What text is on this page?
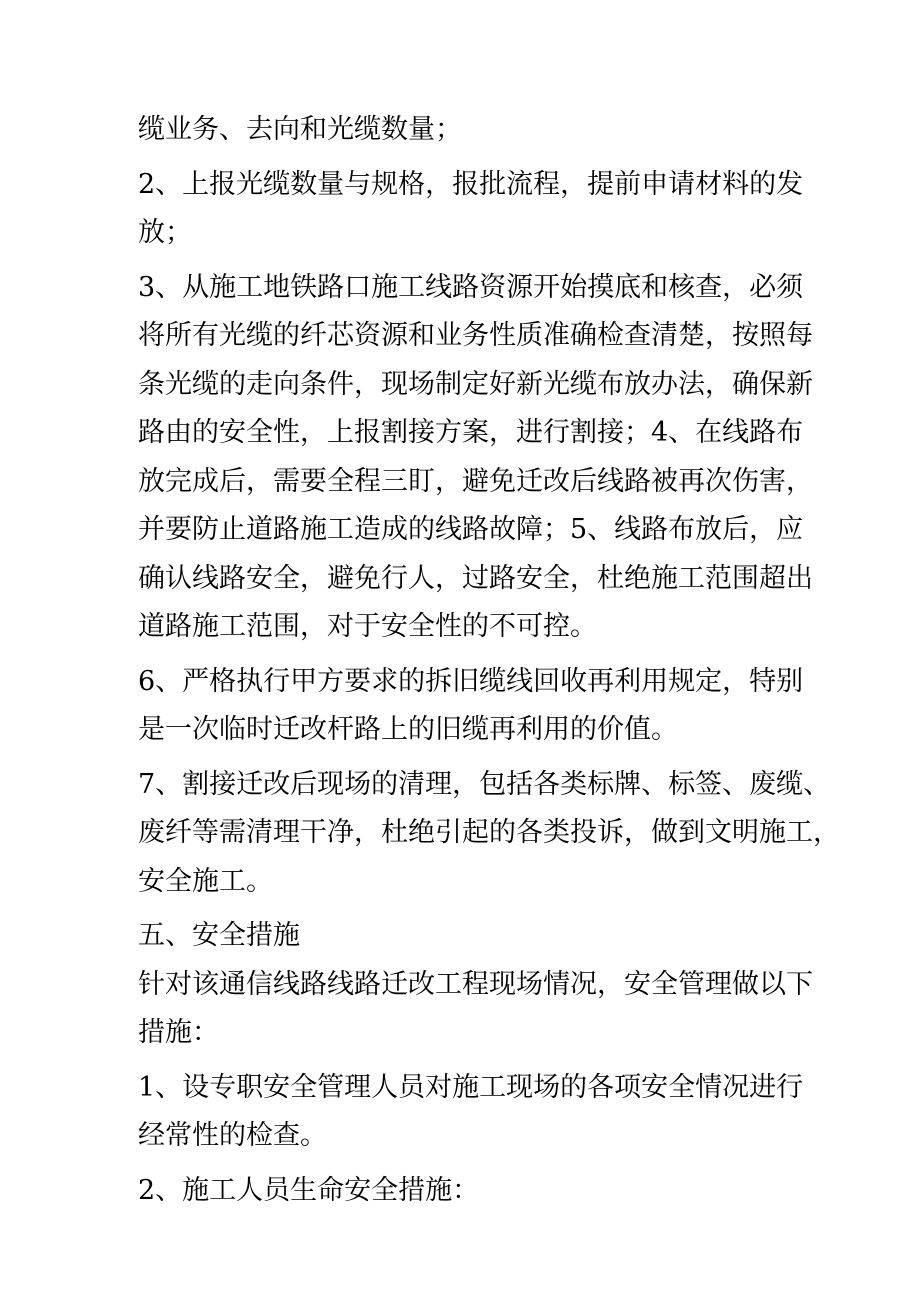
缆业务、去向和光缆数量；
2、上报光缆数量与规格，报批流程，提前申请材料的发
放；
3、从施工地铁路口施工线路资源开始摸底和核查，必须
将所有光缆的纤芯资源和业务性质准确检查清楚，按照每
条光缆的走向条件，现场制定好新光缆布放办法，确保新
路由的安全性，上报割接方案，进行割接；4、在线路布
放完成后，需要全程三盯，避免迁改后线路被再次伤害，
并要防止道路施工造成的线路故障；5、线路布放后，应
确认线路安全，避免行人，过路安全，杜绝施工范围超出
道路施工范围，对于安全性的不可控。
6、严格执行甲方要求的拆旧缆线回收再利用规定，特别
是一次临时迁改杆路上的旧缆再利用的价值。
7、割接迁改后现场的清理，包括各类标牌、标签、废缆、
废纤等需清理干净，杜绝引起的各类投诉，做到文明施工，
安全施工。
五、安全措施
针对该通信线路线路迁改工程现场情况，安全管理做以下
措施：
1、设专职安全管理人员对施工现场的各项安全情况进行
经常性的检查。
2、施工人员生命安全措施：
